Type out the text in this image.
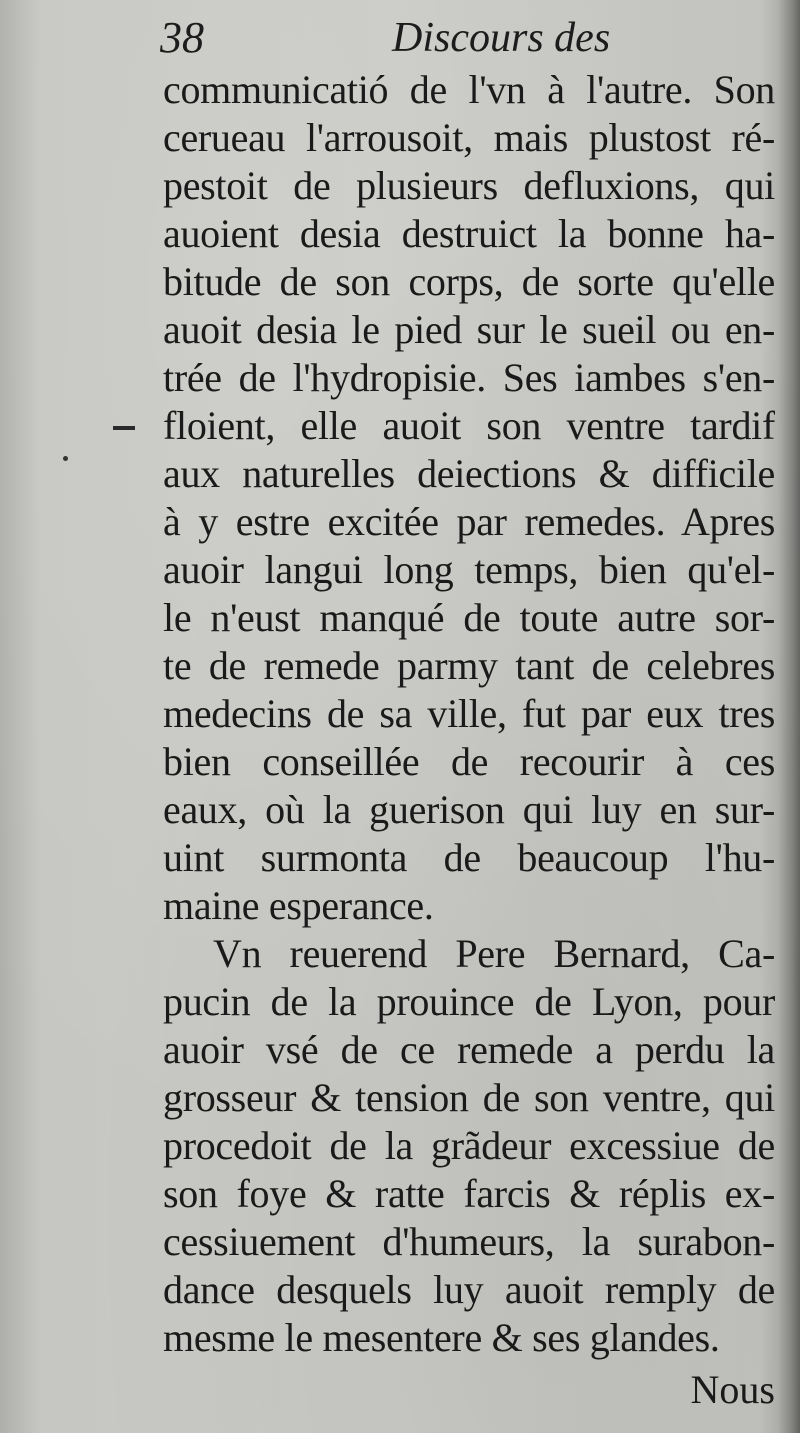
38	Discours des
communicatió de l'vn à l'autre. Son
cerueau l'arrousoit, mais plustost ré-
pestoit de plusieurs defluxions, qui
auoient desia destruict la bonne ha-
bitude de son corps, de sorte qu'elle
auoit desia le pied sur le sueil ou en-
trée de l'hydropisie. Ses iambes s'en-
floient, elle auoit son ventre tardif
aux naturelles deiections & difficile
à y estre excitée par remedes. Apres
auoir langui long temps, bien qu'el-
le n'eust manqué de toute autre sor-
te de remede parmy tant de celebres
medecins de sa ville, fut par eux tres
bien conseillée de recourir à ces
eaux, où la guerison qui luy en sur-
uint surmonta de beaucoup l'hu-
maine esperance.
Vn reuerend Pere Bernard, Ca-
pucin de la prouince de Lyon, pour
auoir vsé de ce remede a perdu la
grosseur & tension de son ventre, qui
procedoit de la grãdeur excessiue de
son foye & ratte farcis & réplis ex-
cessiuement d'humeurs, la surabon-
dance desquels luy auoit remply de
mesme le mesentere & ses glandes.
Nous
